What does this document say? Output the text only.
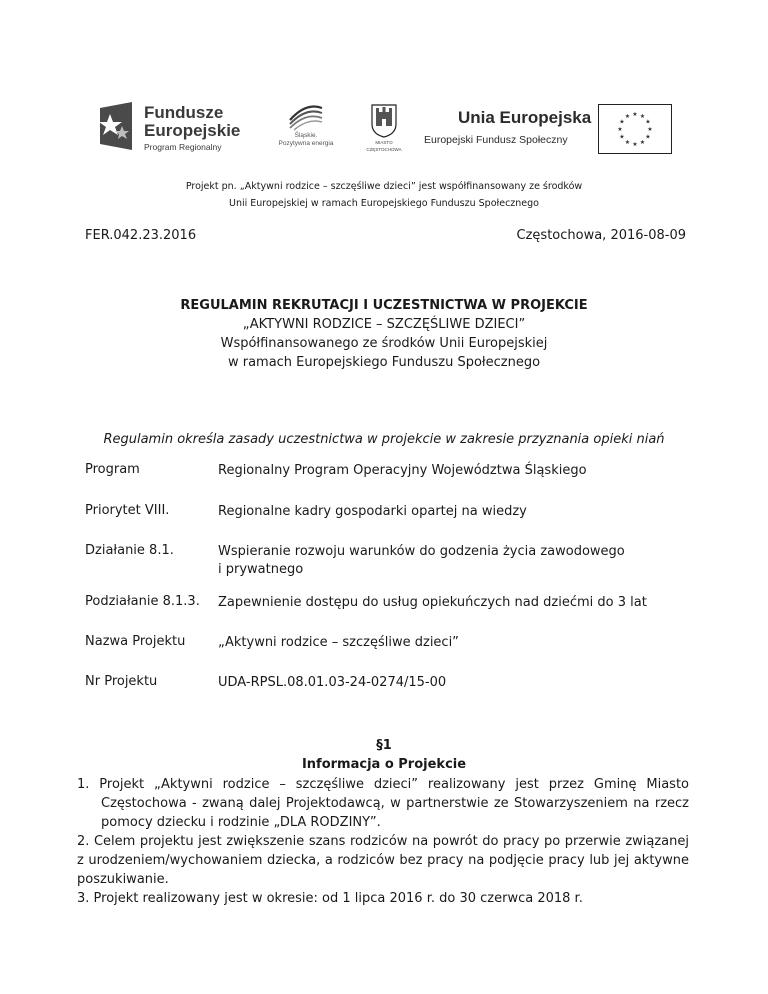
Fundusze
Europejskie
Program Regionalny
Śląskie.
Pozytywna energia	MIASTO
CZĘSTOCHOWA
Unia Europejska
Europejski Fundusz Społeczny
★ ★
★
★
★
★
★
★
★
★
★
★
Projekt pn. „Aktywni rodzice – szczęśliwe dzieci” jest współfinansowany ze środków
Unii Europejskiej w ramach Europejskiego Funduszu Społecznego
FER.042.23.2016	Częstochowa, 2016-08-09
REGULAMIN REKRUTACJI I UCZESTNICTWA W PROJEKCIE
„AKTYWNI RODZICE – SZCZĘŚLIWE DZIECI”
Współfinansowanego ze środków Unii Europejskiej
w ramach Europejskiego Funduszu Społecznego
Regulamin określa zasady uczestnictwa w projekcie w zakresie przyznania opieki niań
Program	Regionalny Program Operacyjny Województwa Śląskiego
Priorytet VIII.	Regionalne kadry gospodarki opartej na wiedzy
Działanie 8.1.	Wspieranie rozwoju warunków do godzenia życia zawodowego
i prywatnego
Podziałanie 8.1.3. Zapewnienie dostępu do usług opiekuńczych nad dziećmi do 3 lat
Nazwa Projektu	„Aktywni rodzice – szczęśliwe dzieci”
Nr Projektu	UDA-RPSL.08.01.03-24-0274/15-00
§1
Informacja o Projekcie

1. Projekt „Aktywni rodzice – szczęśliwe dzieci” realizowany jest przez Gminę Miasto Częstochowa - zwaną dalej Projektodawcą, w partnerstwie ze Stowarzyszeniem na rzecz pomocy dziecku i rodzinie „DLA RODZINY”.

2. Celem projektu jest zwiększenie szans rodziców na powrót do pracy po przerwie związanej z urodzeniem/wychowaniem dziecka, a rodziców bez pracy na podjęcie pracy lub jej aktywne poszukiwanie.

3. Projekt realizowany jest w okresie: od 1 lipca 2016 r. do 30 czerwca 2018 r.
